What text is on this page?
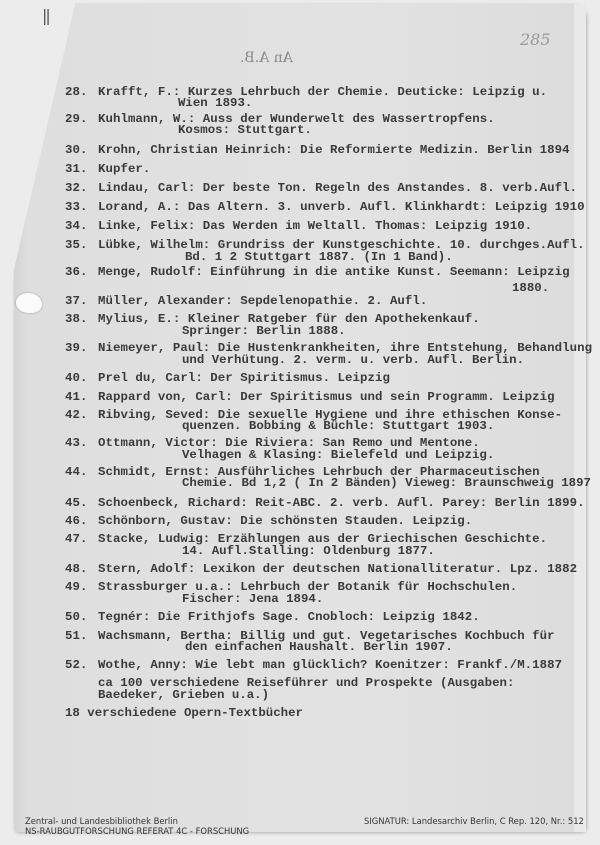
||
285
An A.B.
28. Krafft, F.: Kurzes Lehrbuch der Chemie. Deuticke: Leipzig u.
Wien 1893.
29. Kuhlmann, W.: Auss der Wunderwelt des Wassertropfens.
Kosmos: Stuttgart.
30. Krohn, Christian Heinrich: Die Reformierte Medizin. Berlin 1894
31. Kupfer.
32. Lindau, Carl: Der beste Ton. Regeln des Anstandes. 8. verb.Aufl.
33. Lorand, A.: Das Altern. 3. unverb. Aufl. Klinkhardt: Leipzig 1910
34. Linke, Felix: Das Werden im Weltall. Thomas: Leipzig 1910.
35. Lübke, Wilhelm: Grundriss der Kunstgeschichte. 10. durchges.Aufl.
Bd. 1 2 Stuttgart 1887. (In 1 Band).
36. Menge, Rudolf: Einführung in die antike Kunst. Seemann: Leipzig
1880.
37. Müller, Alexander: Sepdelenopathie. 2. Aufl.
38. Mylius, E.: Kleiner Ratgeber für den Apothekenkauf.
Springer: Berlin 1888.
39. Niemeyer, Paul: Die Hustenkrankheiten, ihre Entstehung, Behandlung
und Verhütung. 2. verm. u. verb. Aufl. Berlin.
40. Prel du, Carl: Der Spiritismus. Leipzig
41. Rappard von, Carl: Der Spiritismus und sein Programm. Leipzig
42. Ribving, Seved: Die sexuelle Hygiene und ihre ethischen Konse-
quenzen. Bobbing & Büchle: Stuttgart 1903.
43. Ottmann, Victor: Die Riviera: San Remo und Mentone.
Velhagen & Klasing: Bielefeld und Leipzig.
44. Schmidt, Ernst: Ausführliches Lehrbuch der Pharmaceutischen
Chemie. Bd 1,2 ( In 2 Bänden) Vieweg: Braunschweig 1897
45. Schoenbeck, Richard: Reit-ABC. 2. verb. Aufl. Parey: Berlin 1899.
46. Schönborn, Gustav: Die schönsten Stauden. Leipzig.
47. Stacke, Ludwig: Erzählungen aus der Griechischen Geschichte.
14. Aufl.Stalling: Oldenburg 1877.
48. Stern, Adolf: Lexikon der deutschen Nationalliteratur. Lpz. 1882
49. Strassburger u.a.: Lehrbuch der Botanik für Hochschulen.
Fischer: Jena 1894.
50. Tegnér: Die Frithjofs Sage. Cnobloch: Leipzig 1842.
51. Wachsmann, Bertha: Billig und gut. Vegetarisches Kochbuch für
den einfachen Haushalt. Berlin 1907.
52. Wothe, Anny: Wie lebt man glücklich? Koenitzer: Frankf./M.1887
ca 100 verschiedene Reiseführer und Prospekte (Ausgaben:
Baedeker, Grieben u.a.)
18 verschiedene Opern-Textbücher
Zentral- und Landesbibliothek Berlin
NS-RAUBGUTFORSCHUNG REFERAT 4C - FORSCHUNG
SIGNATUR: Landesarchiv Berlin, C Rep. 120, Nr.: 512
